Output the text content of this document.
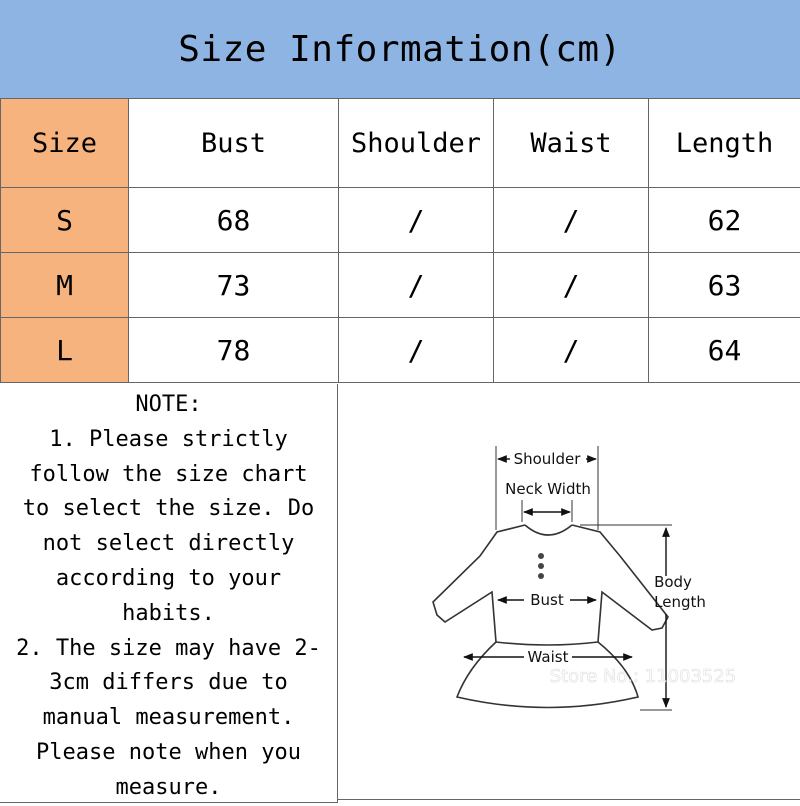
Size Information(cm)
Size	Bust	Shoulder	Waist	Length
S	68	/	/	62
M	73	/	/	63
L	78	/	/	64
NOTE:
1. Please strictly
follow the size chart
to select the size. Do
not select directly
according to your
habits.
2. The size may have 2-
3cm differs due to
manual measurement.
Please note when you
measure.
Shoulder
Neck Width
Bust
Waist
Body
Length
Store No.: 11003525
